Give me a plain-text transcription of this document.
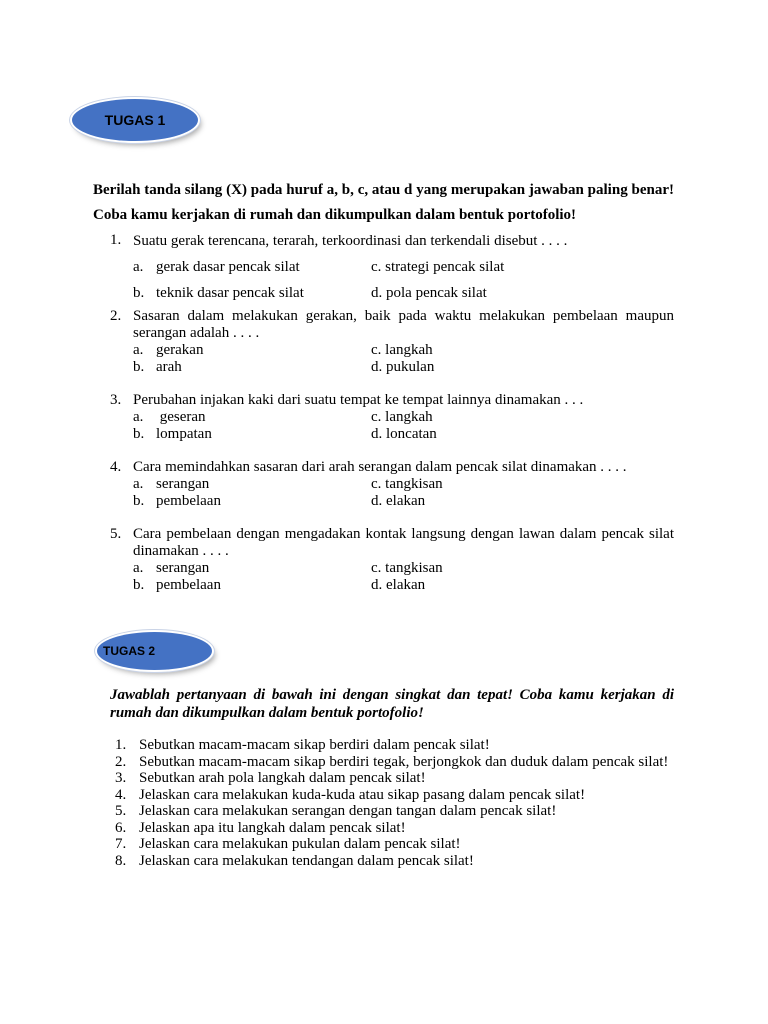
TUGAS 1
Berilah tanda silang (X) pada huruf a, b, c, atau d yang merupakan jawaban paling benar! Coba kamu kerjakan di rumah dan dikumpulkan dalam bentuk portofolio!
1. Suatu gerak terencana, terarah, terkoordinasi dan terkendali disebut . . . .
a. gerak dasar pencak silat	c. strategi pencak silat
b. teknik dasar pencak silat	d. pola pencak silat
2. Sasaran dalam melakukan gerakan, baik pada waktu melakukan pembelaan maupun serangan adalah . . . .
a. gerakan	c. langkah
b. arah	d. pukulan
3. Perubahan injakan kaki dari suatu tempat ke tempat lainnya dinamakan . . .
a. geseran	c. langkah
b. lompatan	d. loncatan
4. Cara memindahkan sasaran dari arah serangan dalam pencak silat dinamakan . . . .
a. serangan	c. tangkisan
b. pembelaan	d. elakan
5. Cara pembelaan dengan mengadakan kontak langsung dengan lawan dalam pencak silat dinamakan . . . .
a. serangan	c. tangkisan
b. pembelaan	d. elakan
TUGAS 2
Jawablah pertanyaan di bawah ini dengan singkat dan tepat! Coba kamu kerjakan di rumah dan dikumpulkan dalam bentuk portofolio!
1. Sebutkan macam-macam sikap berdiri dalam pencak silat!
2. Sebutkan macam-macam sikap berdiri tegak, berjongkok dan duduk dalam pencak silat!
3. Sebutkan arah pola langkah dalam pencak silat!
4. Jelaskan cara melakukan kuda-kuda atau sikap pasang dalam pencak silat!
5. Jelaskan cara melakukan serangan dengan tangan dalam pencak silat!
6. Jelaskan apa itu langkah dalam pencak silat!
7. Jelaskan cara melakukan pukulan dalam pencak silat!
8. Jelaskan cara melakukan tendangan dalam pencak silat!
